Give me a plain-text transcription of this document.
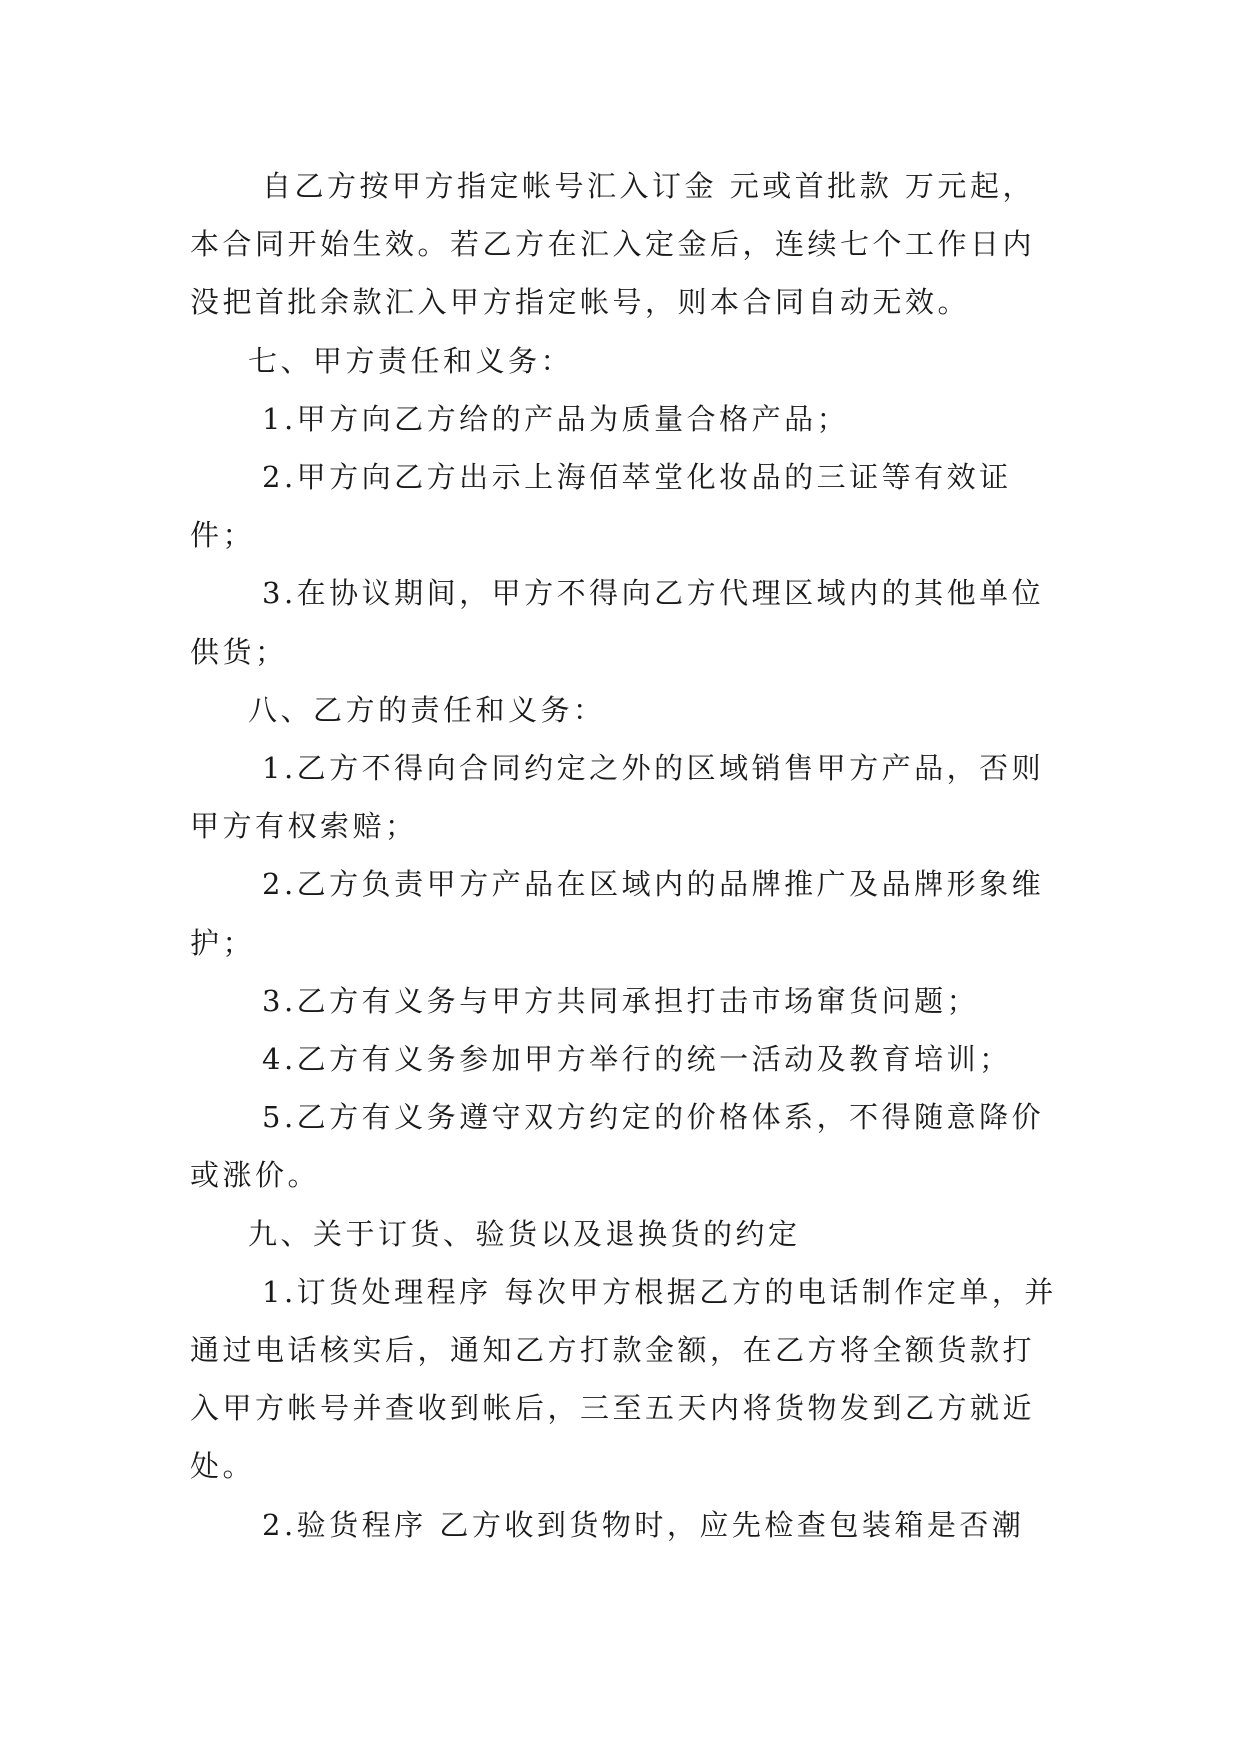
自乙方按甲方指定帐号汇入订金 元或首批款 万元起，本合同开始生效。若乙方在汇入定金后，连续七个工作日内没把首批余款汇入甲方指定帐号，则本合同自动无效。

七、甲方责任和义务：

1.甲方向乙方给的产品为质量合格产品；

2.甲方向乙方出示上海佰萃堂化妆品的三证等有效证件；

3.在协议期间，甲方不得向乙方代理区域内的其他单位供货；

八、乙方的责任和义务：

1.乙方不得向合同约定之外的区域销售甲方产品，否则甲方有权索赔；

2.乙方负责甲方产品在区域内的品牌推广及品牌形象维护；

3.乙方有义务与甲方共同承担打击市场窜货问题；

4.乙方有义务参加甲方举行的统一活动及教育培训；

5.乙方有义务遵守双方约定的价格体系，不得随意降价或涨价。

九、关于订货、验货以及退换货的约定

1.订货处理程序 每次甲方根据乙方的电话制作定单，并通过电话核实后，通知乙方打款金额，在乙方将全额货款打入甲方帐号并查收到帐后，三至五天内将货物发到乙方就近处。

2.验货程序 乙方收到货物时，应先检查包装箱是否潮
